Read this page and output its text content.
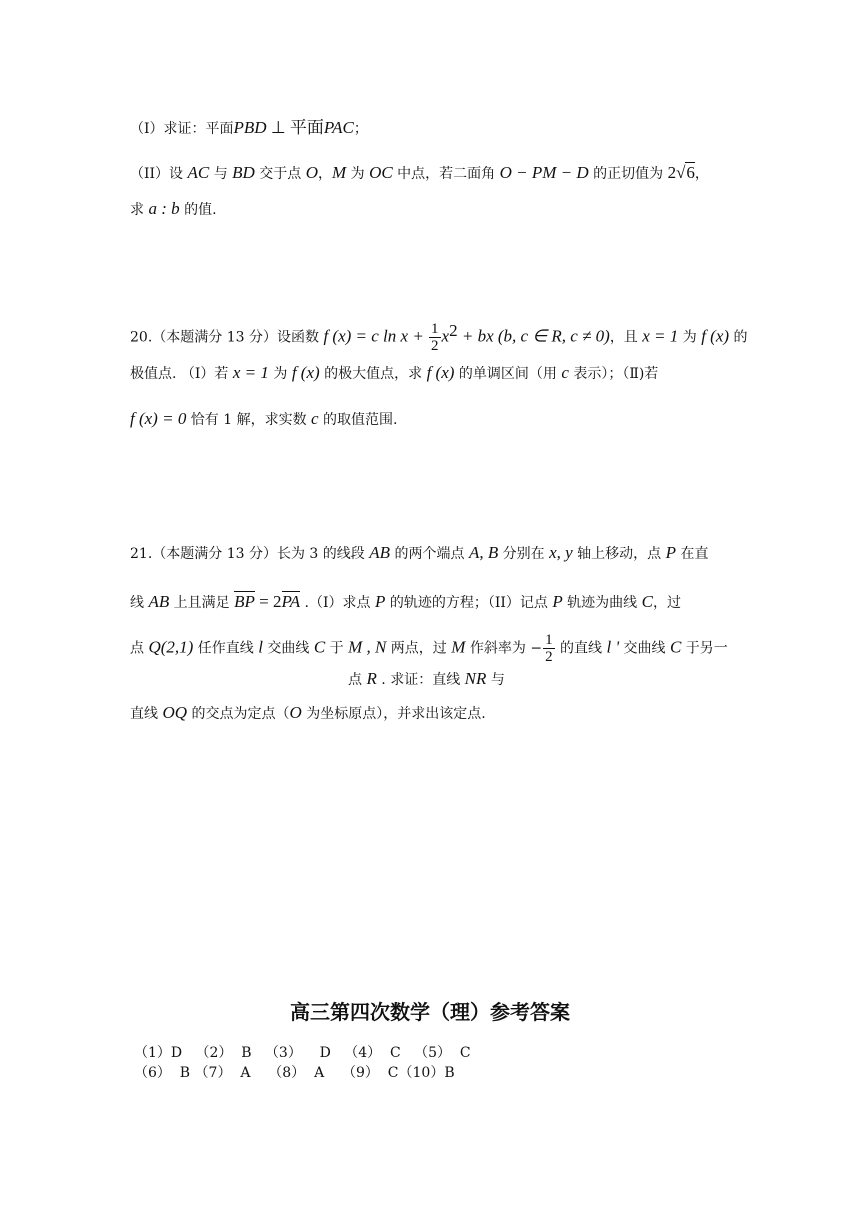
（I）求证：平面PBD ⊥ 平面PAC；
（II）设 AC 与 BD 交于点 O，M 为 OC 中点，若二面角 O − PM − D 的正切值为 2√6，
求 a : b 的值.
20.（本题满分 13 分）设函数 f (x) = c $\ln x + \frac{1}{2} x^2$ + bx (b, c ∈ R, c ≠ 0)，且 x = 1 为 f (x) 的
极值点. （Ⅰ）若 x = 1 为 f (x) 的极大值点，求 f (x) 的单调区间（用 c 表示）；（Ⅱ)若
f (x) = 0 恰有 1 解，求实数 c 的取值范围.
21.（本题满分 13 分）长为 3 的线段 AB 的两个端点 A, B 分别在 x, y 轴上移动，点 P 在直
线 AB 上且满足 BP = 2PA .（I）求点 P 的轨迹的方程；（II）记点 P 轨迹为曲线 C，过
点 Q(2,1) 任作直线 l 交曲线 C 于 M , N 两点，过 M 作斜率为 − $\frac{1}{2}$ 的直线 l ' 交曲线 C 于另一
点 R . 求证：直线 NR 与
直线 OQ 的交点为定点（O 为坐标原点），并求出该定点.
高三第四次数学（理）参考答案
（1）D   （2）  B   （3）    D   （4）  C   （5）  C
（6）  B （7）  A    （8）  A    （9）  C（10）B
